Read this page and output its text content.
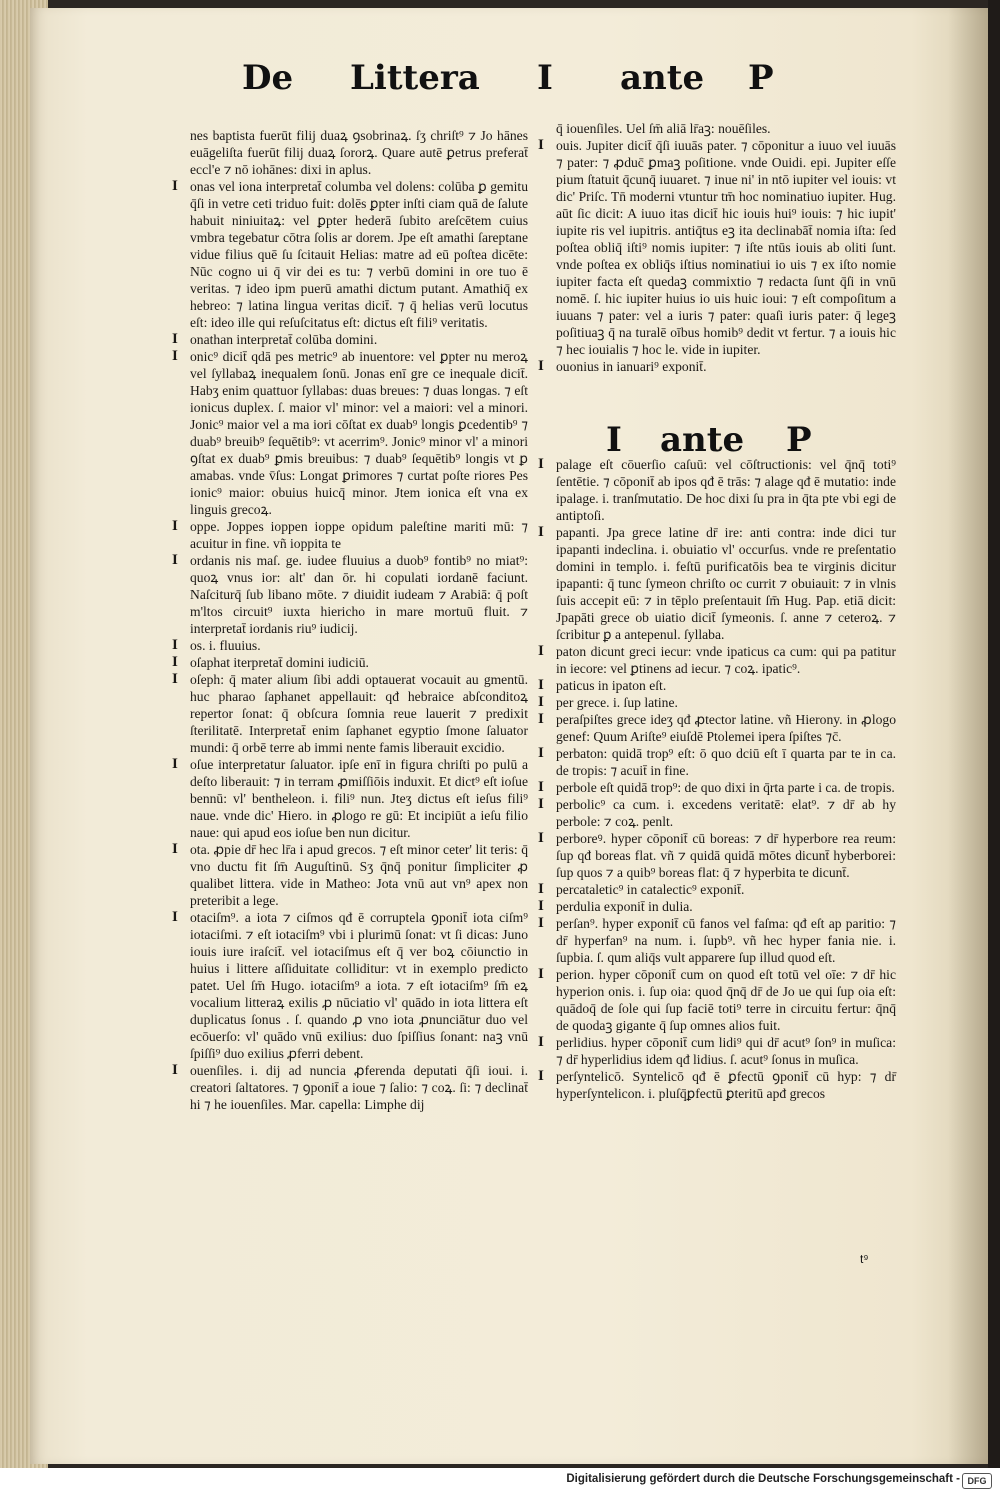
De Littera I ante P

nes baptista fuerūt filij duaꝝ ꝯsobrinaꝝ. ſʒ chriſt⁹ ⁊ Jo hānes euāgeliſta fuerūt filij duaꝝ ſororꝝ. Quare autē ꝑetrus preferat̄ eccl'e ⁊ nō iohānes: dixi in aplus.

I onas vel iona interpretat̄ columba vel dolens: colūba ꝑ gemitu q̄ſi in vetre ceti triduo fuit: dolēs ꝑpter inſti ciam quā de ſalute habuit niniuitaꝝ: vel ꝑpter hederā ſubito areſcētem cuius vmbra tegebatur cōtra ſolis ar dorem. Jpe eſt amathi ſareptane vidue filius quē ſu ſcitauit Helias: matre ad eū poſtea dicēte: Nūc cogno ui q̄ vir dei es tu: ⁊ verbū domini in ore tuo ē veritas. ⁊ ideo ipm puerū amathi dictum putant. Amathiq̄ ex hebreo: ⁊ latina lingua veritas dicit̄. ⁊ q̄ helias verū locutus eſt: ideo ille qui reſuſcitatus eſt: dictus eſt fili⁹ veritatis.

I onathan interpretat̄ colūba domini.

I onic⁹ dicit̄ qdā pes metric⁹ ab inuentore: vel ꝑpter nu meroꝝ vel ſyllabaꝝ inequalem ſonū. Jonas enī gre ce inequale dicit̄. Habʒ enim quattuor ſyllabas: duas breues: ⁊ duas longas. ⁊ eſt ionicus duplex. ſ. maior vl' minor: vel a maiori: vel a minori. Jonic⁹ maior vel a ma iori cōſtat ex duab⁹ longis ꝑcedentib⁹ ⁊ duab⁹ breuib⁹ ſequētib⁹: vt acerrim⁹. Jonic⁹ minor vl' a minori ꝯſtat ex duab⁹ ꝑmis breuibus: ⁊ duab⁹ ſequētib⁹ longis vt ꝑ amabas. vnde v̄ſus: Longat ꝑrimores ⁊ curtat poſte riores Pes ionic⁹ maior: obuius huicq̄ minor. Jtem ionica eſt vna ex linguis grecoꝝ.

I oppe. Joppes ioppen ioppe opidum paleſtine mariti mū: ⁊ acuitur in fine. vñ ioppita te

I ordanis nis maſ. ge. iudee fluuius a duob⁹ fontib⁹ no miat⁹: quoꝝ vnus ior: alt' dan ōr. hi copulati iordanē faciunt. Naſciturq̄ ſub libano mōte. ⁊ diuidit iudeam ⁊ Arabiā: q̄ poſt m'ltos circuit⁹ iuxta hiericho in mare mortuū fluit. ⁊ interpretat̄ iordanis riu⁹ iudicij.

I os. i. fluuius.

I oſaphat iterpretat̄ domini iudiciū.

I oſeph: q̄ mater alium ſibi addi optauerat vocauit au gmentū. huc pharao ſaphanet appellauit: qđ hebraice abſconditoꝝ repertor ſonat: q̄ obſcura ſomnia reue lauerit ⁊ predixit ſterilitatē. Interpretat̄ enim ſaphanet egyptio ſmone ſaluator mundi: q̄ orbē terre ab immi nente famis liberauit excidio.

I oſue interpretatur ſaluator. ipſe enī in figura chriſti po pulū a deſto liberauit: ⁊ in terram ꝓmiſſiōis induxit. Et dict⁹ eſt ioſue bennū: vl' bentheleon. i. fili⁹ nun. Jteʒ dictus eſt ieſus fili⁹ naue. vnde dic' Hiero. in ꝓlogo re gū: Et incipiūt a ieſu filio naue: qui apud eos ioſue ben nun dicitur.

I ota. ꝓpie dr̄ hec lr̄a i apud grecos. ⁊ eſt minor ceter' lit teris: q̄ vno ductu fit ſm̄ Auguſtinū. Sʒ q̄nq̄ ponitur ſimpliciter ꝓ qualibet littera. vide in Matheo: Jota vnū aut vn⁹ apex non preteribit a lege.

I otaciſm⁹. a iota ⁊ ciſmos qđ ē corruptela ꝯponit̄ iota ciſm⁹ iotaciſmi. ⁊ eſt iotaciſm⁹ vbi i plurimū ſonat: vt ſi dicas: Juno iouis iure iraſcit̄. vel iotaciſmus eſt q̄ ver boꝝ cōiunctio in huius i littere aſſiduitate colliditur: vt in exemplo predicto patet. Uel ſm̄ Hugo. iotaciſm⁹ a iota. ⁊ eſt iotaciſm⁹ ſm̄ eꝝ vocalium litteraꝝ exilis ꝓ nūciatio vl' quādo in iota littera eſt duplicatus ſonus . ſ. quando ꝓ vno iota ꝓnunciātur duo vel ecōuerſo: vl' quādo vnū exilius: duo ſpiſſius ſonant: naꝫ vnū ſpiſſi⁹ duo exilius ꝓferri debent.

I ouenſiles. i. dij ad nuncia ꝓferenda deputati q̄ſi ioui. i. creatori ſaltatores. ⁊ ꝯponit̄ a ioue ⁊ ſalio: ⁊ coꝝ. ſi: ⁊ declinat̄ hi ⁊ he iouenſiles. Mar. capella: Limphe dij

q̄ iouenſiles. Uel ſm̄ aliā lr̄aꝫ: nouēſiles.

I ouis. Jupiter dicit̄ q̄ſi iuuās pater. ⁊ cōponitur a iuuo vel iuuās ⁊ pater: ⁊ ꝓduc̄ ꝑmaꝫ poſitione. vnde Ouidi. epi. Jupiter eſſe pium ſtatuit q̄cunq̄ iuuaret. ⁊ inue ni' in ntō iupiter vel iouis: vt dic' Priſc. Tn̄ moderni vtuntur tm̄ hoc nominatiuo iupiter. Hug. aūt ſic dicit: A iuuo itas dicit̄ hic iouis hui⁹ iouis: ⁊ hic iupit' iupite ris vel iupitris. antiq̄tus eꝫ ita declinabāt̄ nomia iſta: ſed poſtea obliq̄ iſti⁹ nomis iupiter: ⁊ iſte ntūs iouis ab oliti ſunt. vnde poſtea ex obliq̄s iſtius nominatiui io uis ⁊ ex iſto nomie iupiter facta eſt quedaꝫ commixtio ⁊ redacta ſunt q̄ſi in vnū nomē. ſ. hic iupiter huius io uis huic ioui: ⁊ eſt compoſitum a iuuans ⁊ pater: vel a iuris ⁊ pater: quaſi iuris pater: q̄ legeꝫ poſitiuaꝫ q̄ na turalē oībus homib⁹ dedit vt fertur. ⁊ a iouis hic ⁊ hec iouialis ⁊ hoc le. vide in iupiter.

I ouonius in ianuari⁹ exponit̄.

I ante P

I palage eſt cōuerſio caſuū: vel cōſtructionis: vel q̄nq̄ toti⁹ ſentētie. ⁊ cōponit̄ ab ipos qđ ē trās: ⁊ alage qđ ē mutatio: inde ipalage. i. tranſmutatio. De hoc dixi ſu pra in q̄ta pte vbi egi de antiptoſi.

I papanti. Jpa grece latine dr̄ ire: anti contra: inde dici tur ipapanti indeclina. i. obuiatio vl' occurſus. vnde re preſentatio domini in templo. i. feſtū purificatōis bea te virginis dicitur ipapanti: q̄ tunc ſymeon chriſto oc currit ⁊ obuiauit: ⁊ in vlnis ſuis accepit eū: ⁊ in tēplo preſentauit ſm̄ Hug. Pap. etiā dicit: Jpapāti grece ob uiatio dicit̄ ſymeonis. ſ. anne ⁊ ceteroꝝ. ⁊ ſcribitur ꝑ a antepenul. ſyllaba.

I paton dicunt greci iecur: vnde ipaticus ca cum: qui pa patitur in iecore: vel ꝑtinens ad iecur. ⁊ coꝝ. ipatic⁹.

I paticus in ipaton eſt.

I per grece. i. ſup latine.

I peraſpiſtes grece ideʒ qđ ꝓtector latine. vñ Hierony. in ꝓlogo genef: Quum Ariſte⁹ eiuſdē Ptolemei ipera ſpiſtes ⁊c̄.

I perbaton: quidā trop⁹ eſt: ō quo dciū eſt ī quarta par te in ca. de tropis: ⁊ acuit̄ in fine.

I perbole eſt quidā trop⁹: de quo dixi in q̄rta parte i ca. de tropis.

I perbolic⁹ ca cum. i. excedens veritatē: elat⁹. ⁊ dr̄ ab hy perbole: ⁊ coꝝ. penlt.

I perboreꝰ. hyper cōponit̄ cū boreas: ⁊ dr̄ hyperbore rea reum: ſup qđ boreas flat. vñ ⁊ quidā quidā mōtes dicunt̄ hyberborei: ſup quos ⁊ a quib⁹ boreas flat: q̄ ⁊ hyperbita te dicunt̄.

I percataletic⁹ in catalectic⁹ exponit̄.

I perdulia exponit̄ in dulia.

I perſan⁹. hyper exponit̄ cū fanos vel faſma: qđ eſt ap paritio: ⁊ dr̄ hyperfan⁹ na num. i. ſupb⁹. vñ hec hyper fania nie. i. ſupbia. ſ. qum aliq̄s vult apparere ſup illud quod eſt.

I perion. hyper cōponit̄ cum on quod eſt totū vel oīe: ⁊ dr̄ hic hyperion onis. i. ſup oia: quod q̄nq̄ dr̄ de Jo ue qui ſup oia eſt: quādoq̄ de ſole qui ſup faciē toti⁹ terre in circuitu fertur: q̄nq̄ de quodaꝫ gigante q̄ ſup omnes alios fuit.

I perlidius. hyper cōponit̄ cum lidi⁹ qui dr̄ acut⁹ ſon⁹ in muſica: ⁊ dr̄ hyperlidius idem qđ lidius. ſ. acut⁹ ſonus in muſica.

I perſyntelicō. Syntelicō qđ ē ꝑfectū ꝯponit̄ cū hyp: ⁊ dr̄ hyperſyntelicon. i. pluſq̄ꝑfectū ꝑteritū apđ grecos

t⁹
Digitalisierung gefördert durch die Deutsche Forschungsgemeinschaft - DFG
